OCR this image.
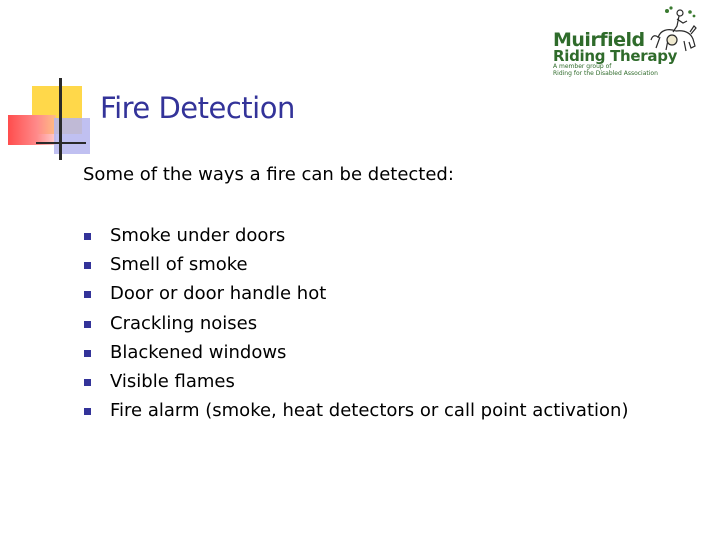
Muirfield
Riding Therapy
A member group of
Riding for the Disabled Association
Fire Detection

Some of the ways a fire can be detected:

Smoke under doors
Smell of smoke
Door or door handle hot
Crackling noises
Blackened windows
Visible flames
Fire alarm (smoke, heat detectors or call point activation)
